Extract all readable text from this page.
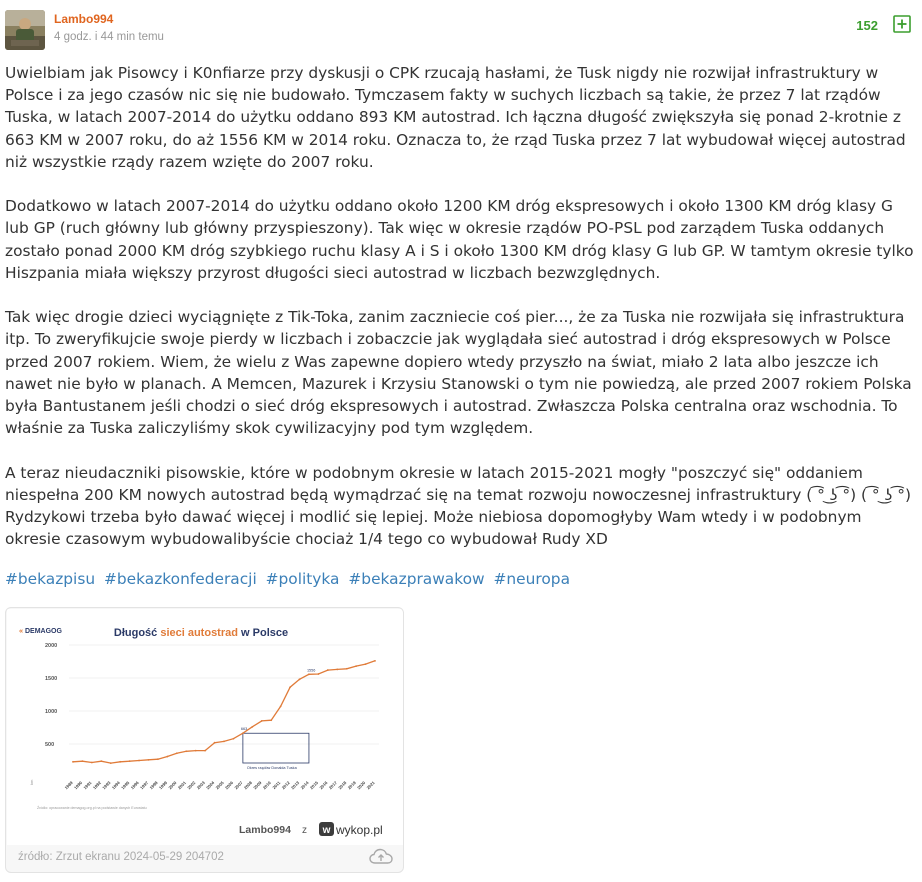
Lambo994
4 godz. i 44 min temu
152

Uwielbiam jak Pisowcy i K0nfiarze przy dyskusji o CPK rzucają hasłami, że Tusk nigdy nie rozwijał infrastruktury w Polsce i za jego czasów nic się nie budowało. Tymczasem fakty w suchych liczbach są takie, że przez 7 lat rządów Tuska, w latach 2007-2014 do użytku oddano 893 KM autostrad. Ich łączna długość zwiększyła się ponad 2-krotnie z 663 KM w 2007 roku, do aż 1556 KM w 2014 roku. Oznacza to, że rząd Tuska przez 7 lat wybudował więcej autostrad niż wszystkie rządy razem wzięte do 2007 roku.

Dodatkowo w latach 2007-2014 do użytku oddano około 1200 KM dróg ekspresowych i około 1300 KM dróg klasy G lub GP (ruch główny lub główny przyspieszony). Tak więc w okresie rządów PO-PSL pod zarządem Tuska oddanych zostało ponad 2000 KM dróg szybkiego ruchu klasy A i S i około 1300 KM dróg klasy G lub GP. W tamtym okresie tylko Hiszpania miała większy przyrost długości sieci autostrad w liczbach bezwzględnych.

Tak więc drogie dzieci wyciągnięte z Tik-Toka, zanim zaczniecie coś pier..., że za Tuska nie rozwijała się infrastruktura itp. To zweryfikujcie swoje pierdy w liczbach i zobaczcie jak wyglądała sieć autostrad i dróg ekspresowych w Polsce przed 2007 rokiem. Wiem, że wielu z Was zapewne dopiero wtedy przyszło na świat, miało 2 lata albo jeszcze ich nawet nie było w planach. A Memcen, Mazurek i Krzysiu Stanowski o tym nie powiedzą, ale przed 2007 rokiem Polska była Bantustanem jeśli chodzi o sieć dróg ekspresowych i autostrad. Zwłaszcza Polska centralna oraz wschodnia. To właśnie za Tuska zaliczyliśmy skok cywilizacyjny pod tym względem.

A teraz nieudaczniki pisowskie, które w podobnym okresie w latach 2015-2021 mogły "poszczyć się" oddaniem niespełna 200 KM nowych autostrad będą wymądrzać się na temat rozwoju nowoczesnej infrastruktury ( ͡° ͜ʖ ͡°) ( ͡° ͜ʖ ͡°) Rydzykowi trzeba było dawać więcej i modlić się lepiej. Może niebiosa dopomogłyby Wam wtedy i w podobnym okresie czasowym wybudowalibyście chociaż 1/4 tego co wybudował Rudy XD

#bekazpisu #bekazkonfederacji #polityka #bekazprawakow #neuropa
« DEMAGOG	Długość sieci autostrad w Polsce
km
500
1000
1500
2000
1989 1990 1991 1992 1993 1994 1995 1996 1997 1998 1999 2000 2001 2002 2003 2004 2005 2006 2007 2008 2009 2010 2011 2012 2013 2014 2015 2016 2017 2018 2019 2020 2021
Okres rządów Donalda Tuska
663
1556
Źródło: opracowanie demagog.org.pl na podstawie danych Eurostatu
Lambo994 z w wykop.pl
źródło: Zrzut ekranu 2024-05-29 204702
